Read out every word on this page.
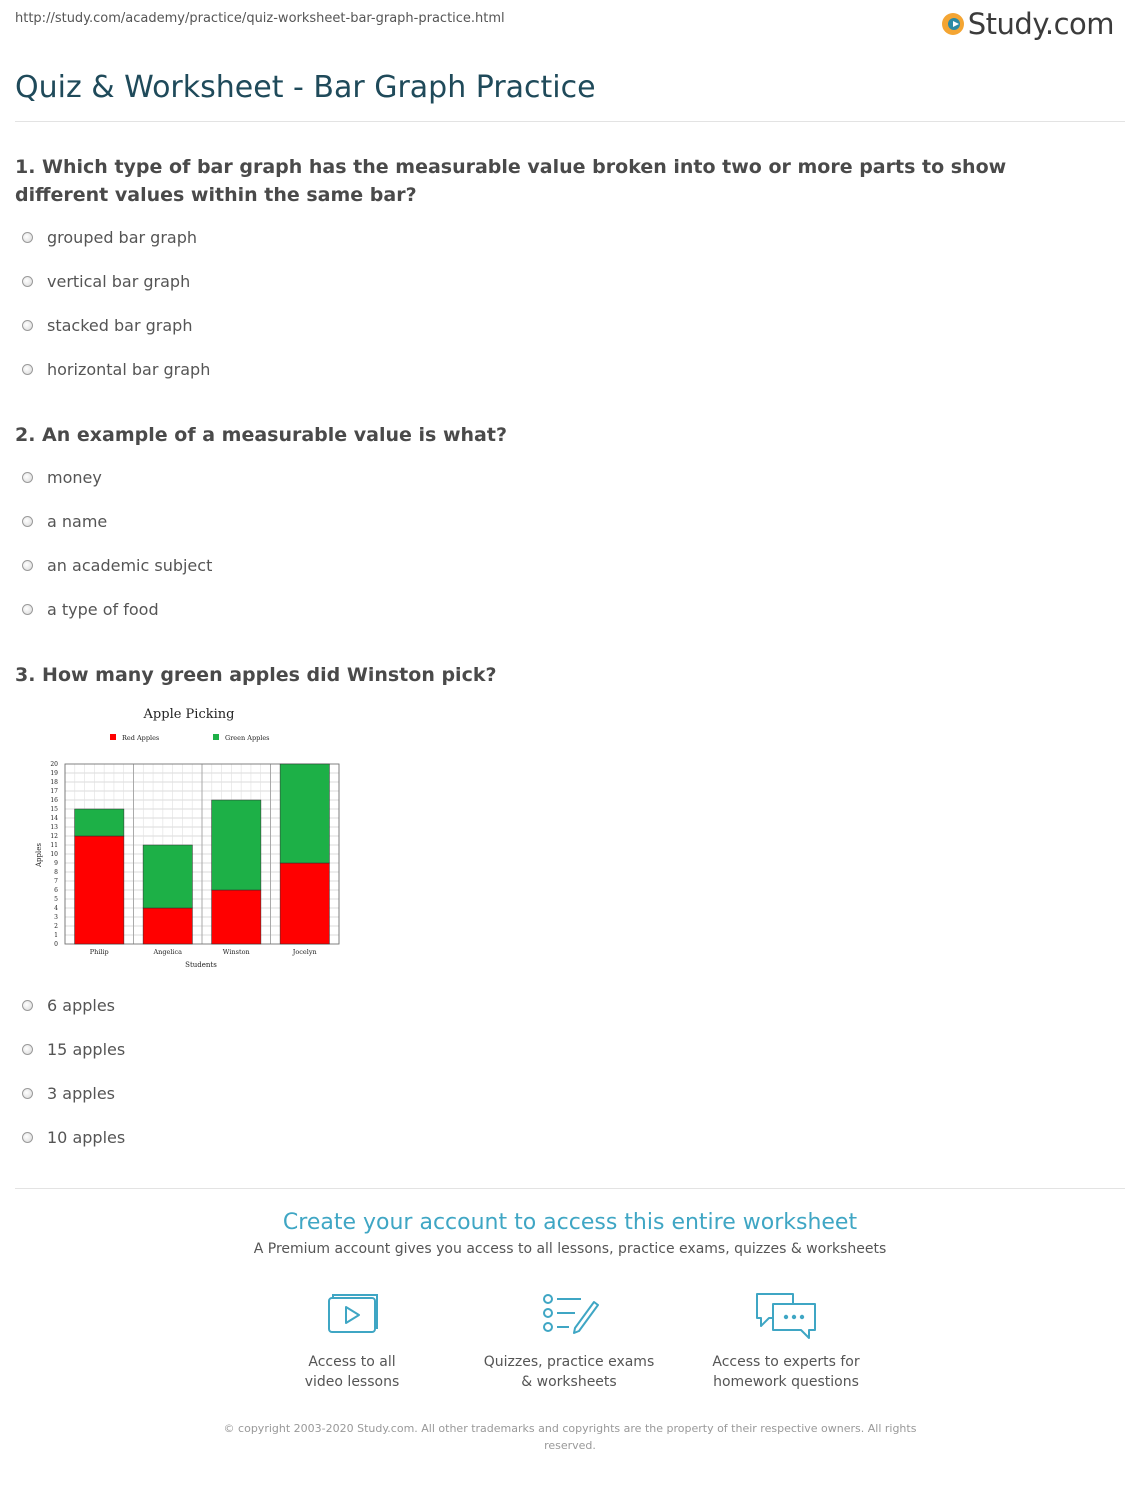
http://study.com/academy/practice/quiz-worksheet-bar-graph-practice.html	Study.com
Quiz & Worksheet - Bar Graph Practice

1. Which type of bar graph has the measurable value broken into two or more parts to show different values within the same bar?

grouped bar graph
vertical bar graph
stacked bar graph
horizontal bar graph

2. An example of a measurable value is what?

money
a name
an academic subject
a type of food

3. How many green apples did Winston pick?

Apple Picking
Red Apples	Green Apples
Apples
Students
0
1
2
3
4
5
6
7
8
9
10
11
12
13
14
15
16
17
18
19
20
Philip	Angelica	Winston	Jocelyn
6 apples
15 apples
3 apples
10 apples
Create your account to access this entire worksheet
A Premium account gives you access to all lessons, practice exams, quizzes & worksheets
Access to all
video lessons
Quizzes, practice exams
& worksheets
Access to experts for
homework questions
© copyright 2003-2020 Study.com. All other trademarks and copyrights are the property of their respective owners. All rights reserved.
